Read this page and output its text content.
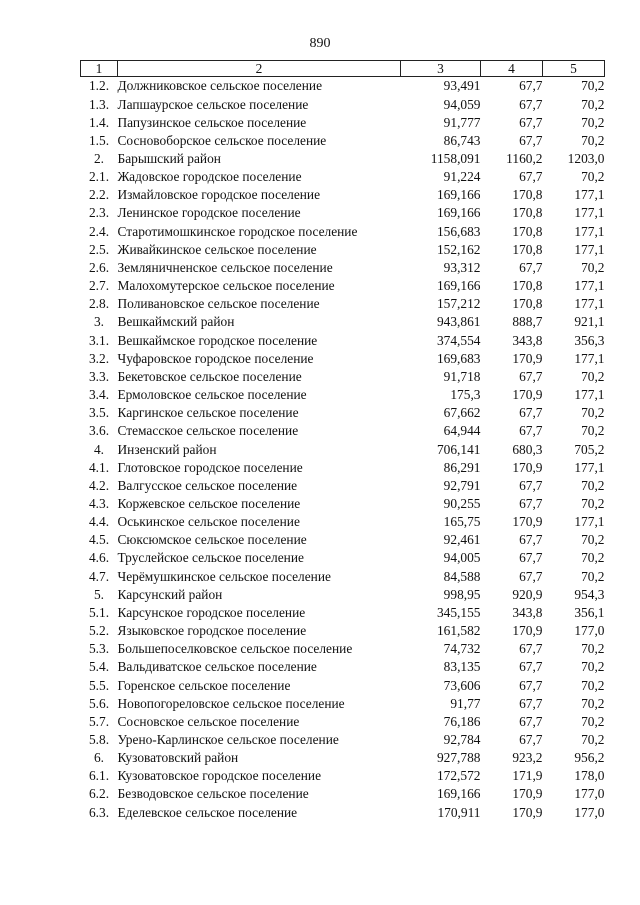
890
1	2	3	4	5
1.2.	Должниковское сельское поселение	93,491	67,7	70,2
1.3.	Лапшаурское сельское поселение	94,059	67,7	70,2
1.4.	Папузинское сельское поселение	91,777	67,7	70,2
1.5.	Сосновоборское сельское поселение	86,743	67,7	70,2
2.	Барышский район	1158,091	1160,2	1203,0
2.1.	Жадовское городское поселение	91,224	67,7	70,2
2.2.	Измайловское городское поселение	169,166	170,8	177,1
2.3.	Ленинское городское поселение	169,166	170,8	177,1
2.4.	Старотимошкинское городское поселение	156,683	170,8	177,1
2.5.	Живайкинское сельское поселение	152,162	170,8	177,1
2.6.	Земляничненское сельское поселение	93,312	67,7	70,2
2.7.	Малохомутерское сельское поселение	169,166	170,8	177,1
2.8.	Поливановское сельское поселение	157,212	170,8	177,1
3.	Вешкаймский район	943,861	888,7	921,1
3.1.	Вешкаймское городское поселение	374,554	343,8	356,3
3.2.	Чуфаровское городское поселение	169,683	170,9	177,1
3.3.	Бекетовское сельское поселение	91,718	67,7	70,2
3.4.	Ермоловское сельское поселение	175,3	170,9	177,1
3.5.	Каргинское сельское поселение	67,662	67,7	70,2
3.6.	Стемасское сельское поселение	64,944	67,7	70,2
4.	Инзенский район	706,141	680,3	705,2
4.1.	Глотовское городское поселение	86,291	170,9	177,1
4.2.	Валгусское сельское поселение	92,791	67,7	70,2
4.3.	Коржевское сельское поселение	90,255	67,7	70,2
4.4.	Оськинское сельское поселение	165,75	170,9	177,1
4.5.	Сюксюмское сельское поселение	92,461	67,7	70,2
4.6.	Труслейское сельское поселение	94,005	67,7	70,2
4.7.	Черёмушкинское сельское поселение	84,588	67,7	70,2
5.	Карсунский район	998,95	920,9	954,3
5.1.	Карсунское городское поселение	345,155	343,8	356,1
5.2.	Языковское городское поселение	161,582	170,9	177,0
5.3.	Большепоселковское сельское поселение	74,732	67,7	70,2
5.4.	Вальдиватское сельское поселение	83,135	67,7	70,2
5.5.	Горенское сельское поселение	73,606	67,7	70,2
5.6.	Новопогореловское сельское поселение	91,77	67,7	70,2
5.7.	Сосновское сельское поселение	76,186	67,7	70,2
5.8.	Урено-Карлинское сельское поселение	92,784	67,7	70,2
6.	Кузоватовский район	927,788	923,2	956,2
6.1.	Кузоватовское городское поселение	172,572	171,9	178,0
6.2.	Безводовское сельское поселение	169,166	170,9	177,0
6.3.	Еделевское сельское поселение	170,911	170,9	177,0
